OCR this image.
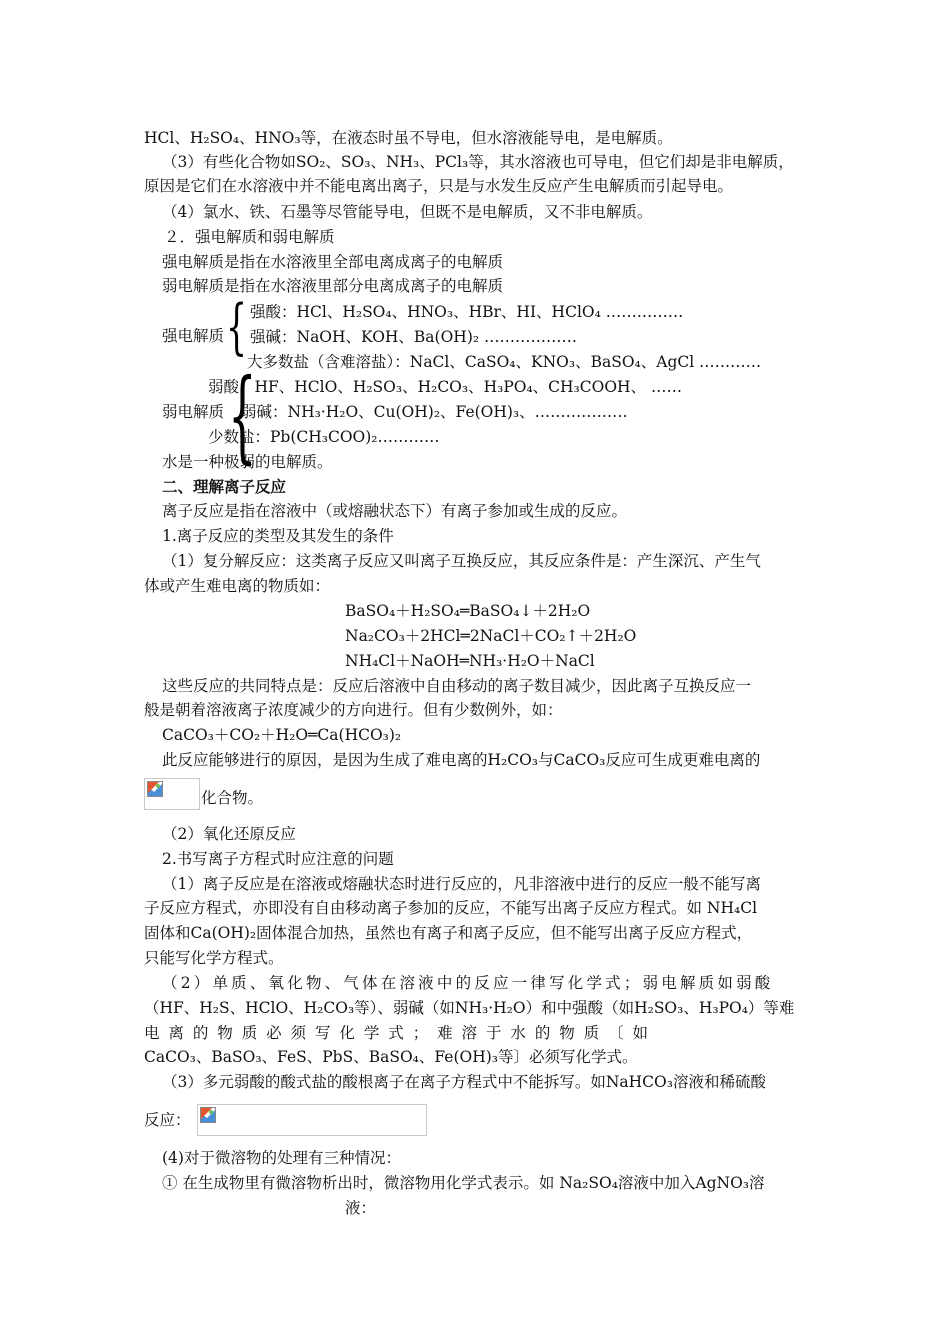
HCl、H₂SO₄、HNO₃等，在液态时虽不导电，但水溶液能导电，是电解质。
（3）有些化合物如SO₂、SO₃、NH₃、PCl₃等，其水溶液也可导电，但它们却是非电解质，
原因是它们在水溶液中并不能电离出离子，只是与水发生反应产生电解质而引起导电。
（4）氯水、铁、石墨等尽管能导电，但既不是电解质，又不非电解质。
２．强电解质和弱电解质
强电解质是指在水溶液里全部电离成离子的电解质
弱电解质是指在水溶液里部分电离成离子的电解质
强电解质 { 强酸：HCl、H₂SO₄、HNO₃、HBr、HI、HClO₄ ……………
强碱：NaOH、KOH、Ba(OH)₂ ………………
大多数盐（含难溶盐）：NaCl、CaSO₄、KNO₃、BaSO₄、AgCl …………
弱酸：HF、HClO、H₂SO₃、H₂CO₃、H₃PO₄、CH₃COOH、 ……
弱电解质 {
弱碱：NH₃·H₂O、Cu(OH)₂、Fe(OH)₃、………………
少数盐：Pb(CH₃COO)₂…………
水是一种极弱的电解质。
二、理解离子反应
离子反应是指在溶液中（或熔融状态下）有离子参加或生成的反应。
1.离子反应的类型及其发生的条件
（1）复分解反应：这类离子反应又叫离子互换反应，其反应条件是：产生深沉、产生气
体或产生难电离的物质如：
BaSO₄＋H₂SO₄═BaSO₄↓＋2H₂O
Na₂CO₃＋2HCl═2NaCl＋CO₂↑＋2H₂O
NH₄Cl＋NaOH═NH₃·H₂O＋NaCl
这些反应的共同特点是：反应后溶液中自由移动的离子数目减少，因此离子互换反应一
般是朝着溶液离子浓度减少的方向进行。但有少数例外，如：
CaCO₃＋CO₂＋H₂O═Ca(HCO₃)₂
此反应能够进行的原因，是因为生成了难电离的H₂CO₃与CaCO₃反应可生成更难电离的
化合物。
（2）氧化还原反应
2.书写离子方程式时应注意的问题
（1）离子反应是在溶液或熔融状态时进行反应的，凡非溶液中进行的反应一般不能写离
子反应方程式，亦即没有自由移动离子参加的反应，不能写出离子反应方程式。如 NH₄Cl
固体和Ca(OH)₂固体混合加热，虽然也有离子和离子反应，但不能写出离子反应方程式，
只能写化学方程式。
（2）单质、氧化物、气体在溶液中的反应一律写化学式；弱电解质如弱酸
（HF、H₂S、HClO、H₂CO₃等）、弱碱（如NH₃·H₂O）和中强酸（如H₂SO₃、H₃PO₄）等难
电 离 的 物 质 必 须 写 化 学 式 ； 难 溶 于 水 的 物 质 〔 如
CaCO₃、BaSO₃、FeS、PbS、BaSO₄、Fe(OH)₃等〕必须写化学式。
（3）多元弱酸的酸式盐的酸根离子在离子方程式中不能拆写。如NaHCO₃溶液和稀硫酸
反应：
(4)对于微溶物的处理有三种情况：
① 在生成物里有微溶物析出时，微溶物用化学式表示。如 Na₂SO₄溶液中加入AgNO₃溶
液：
